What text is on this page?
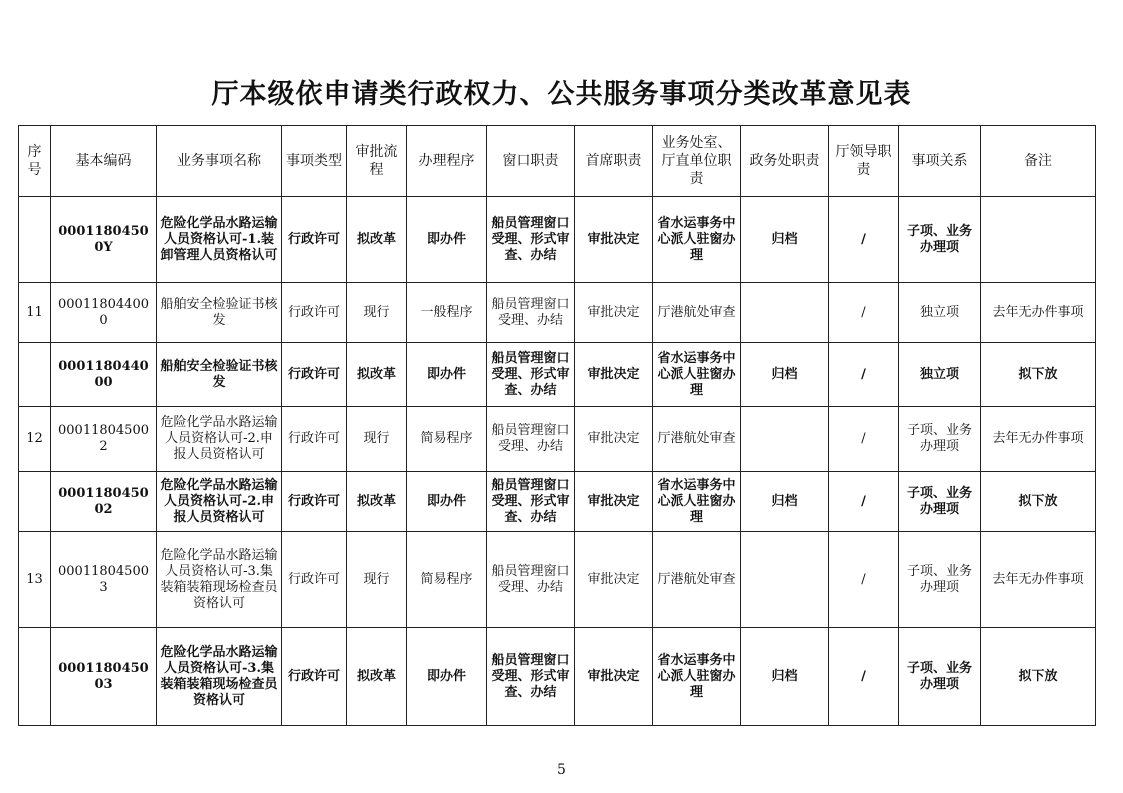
厅本级依申请类行政权力、公共服务事项分类改革意见表
序号	基本编码	业务事项名称	事项类型	审批流程	办理程序	窗口职责	首席职责	业务处室、厅直单位职责	政务处职责	厅领导职责	事项关系	备注
	00011804500Y	危险化学品水路运输人员资格认可-1.装卸管理人员资格认可	行政许可	拟改革	即办件	船员管理窗口受理、形式审查、办结	审批决定	省水运事务中心派人驻窗办理	归档	/	子项、业务办理项	
11	000118044000	船舶安全检验证书核发	行政许可	现行	一般程序	船员管理窗口受理、办结	审批决定	厅港航处审查		/	独立项	去年无办件事项
	000118044000	船舶安全检验证书核发	行政许可	拟改革	即办件	船员管理窗口受理、形式审查、办结	审批决定	省水运事务中心派人驻窗办理	归档	/	独立项	拟下放
12	000118045002	危险化学品水路运输人员资格认可-2.申报人员资格认可	行政许可	现行	简易程序	船员管理窗口受理、办结	审批决定	厅港航处审查		/	子项、业务办理项	去年无办件事项
	000118045002	危险化学品水路运输人员资格认可-2.申报人员资格认可	行政许可	拟改革	即办件	船员管理窗口受理、形式审查、办结	审批决定	省水运事务中心派人驻窗办理	归档	/	子项、业务办理项	拟下放
13	000118045003	危险化学品水路运输人员资格认可-3.集装箱装箱现场检查员资格认可	行政许可	现行	简易程序	船员管理窗口受理、办结	审批决定	厅港航处审查		/	子项、业务办理项	去年无办件事项
	000118045003	危险化学品水路运输人员资格认可-3.集装箱装箱现场检查员资格认可	行政许可	拟改革	即办件	船员管理窗口受理、形式审查、办结	审批决定	省水运事务中心派人驻窗办理	归档	/	子项、业务办理项	拟下放
5
